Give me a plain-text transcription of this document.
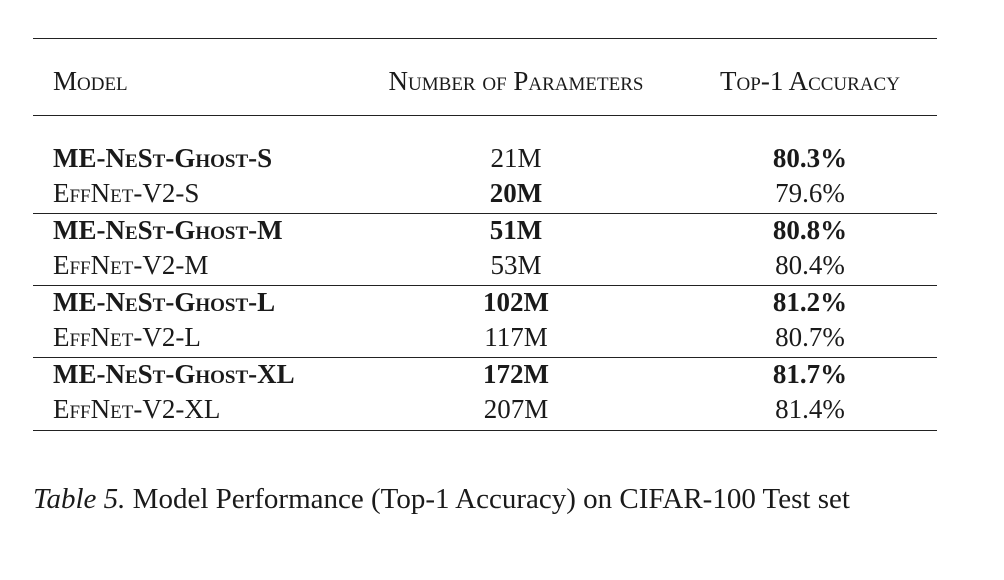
Model	Number of Parameters	Top-1 Accuracy
ME-NeSt-Ghost-S	21M	80.3%
EffNet-V2-S	20M	79.6%
ME-NeSt-Ghost-M	51M	80.8%
EffNet-V2-M	53M	80.4%
ME-NeSt-Ghost-L	102M	81.2%
EffNet-V2-L	117M	80.7%
ME-NeSt-Ghost-XL	172M	81.7%
EffNet-V2-XL	207M	81.4%
Table 5. Model Performance (Top-1 Accuracy) on CIFAR-100 Test set
